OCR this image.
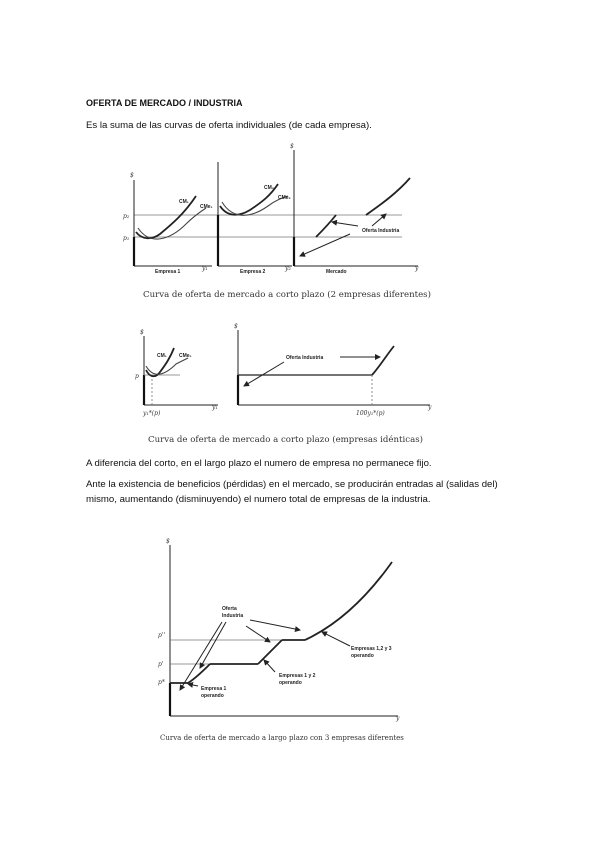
OFERTA DE MERCADO / INDUSTRIA
Es la suma de las curvas de oferta individuales (de cada empresa).
A diferencia del corto, en el largo plazo el numero de empresa no permanece fijo.
Ante la existencia de beneficios (pérdidas) en el mercado, se producirán entradas al (salidas del) mismo, aumentando (disminuyendo) el numero total de empresas de la industria.
$
p₂
p₁
CM₁
CMe₁
Empresa 1	y₁
CM₂
CMe₂
Empresa 2	y₂
$
Oferta Industria
Mercado	y
Curva de oferta de mercado a corto plazo (2 empresas diferentes)
$
p
CM₁ CMe₁
y₁*(p)
y₁
$
Oferta Industria
100y₁*(p)
y
Curva de oferta de mercado a corto plazo (empresas idénticas)
$
p''
p'
p*
Oferta
Industria
Empresa 1
operando
Empresas 1 y 2
operando
Empresas 1,2 y 3
operando
y
Curva de oferta de mercado a largo plazo con 3 empresas diferentes
